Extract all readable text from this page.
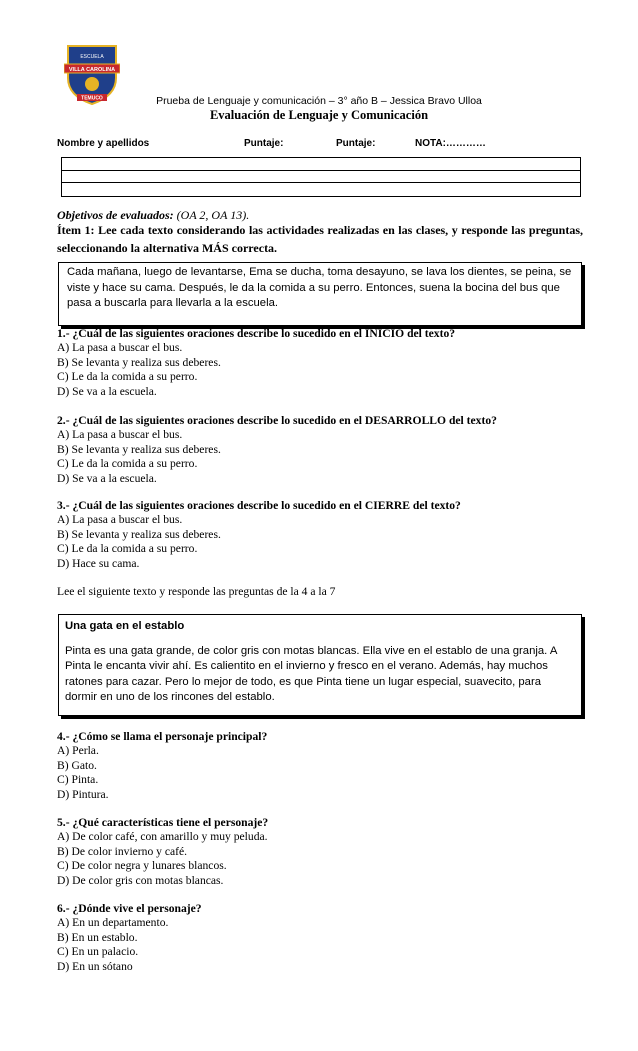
ESCUELA
VILLA CAROLINA
TEMUCO	Prueba de Lenguaje y comunicación – 3° año B – Jessica Bravo Ulloa
Evaluación de Lenguaje y Comunicación
Nombre y apellidos	Puntaje:	Puntaje:	NOTA:…………
Objetivos de evaluados: (OA 2, OA 13).
Ítem 1: Lee cada texto considerando las actividades realizadas en las clases, y responde las preguntas, seleccionando la alternativa MÁS correcta.
Cada mañana, luego de levantarse, Ema se ducha, toma desayuno, se lava los dientes, se peina, se viste y hace su cama. Después, le da la comida a su perro. Entonces, suena la bocina del bus que pasa a buscarla para llevarla a la escuela.
1.- ¿Cuál de las siguientes oraciones describe lo sucedido en el INICIO del texto?
A) La pasa a buscar el bus.
B) Se levanta y realiza sus deberes.
C) Le da la comida a su perro.
D) Se va a la escuela.
2.- ¿Cuál de las siguientes oraciones describe lo sucedido en el DESARROLLO del texto?
A) La pasa a buscar el bus.
B) Se levanta y realiza sus deberes.
C) Le da la comida a su perro.
D) Se va a la escuela.
3.- ¿Cuál de las siguientes oraciones describe lo sucedido en el CIERRE del texto?
A) La pasa a buscar el bus.
B) Se levanta y realiza sus deberes.
C) Le da la comida a su perro.
D) Hace su cama.
Lee el siguiente texto y responde las preguntas de la 4 a la 7
Una gata en el establo
Pinta es una gata grande, de color gris con motas blancas. Ella vive en el establo de una granja. A Pinta le encanta vivir ahí. Es calientito en el invierno y fresco en el verano. Además, hay muchos ratones para cazar. Pero lo mejor de todo, es que Pinta tiene un lugar especial, suavecito, para dormir en uno de los rincones del establo.
4.- ¿Cómo se llama el personaje principal?
A) Perla.
B) Gato.
C) Pinta.
D) Pintura.
5.- ¿Qué características tiene el personaje?
A) De color café, con amarillo y muy peluda.
B) De color invierno y café.
C) De color negra y lunares blancos.
D) De color gris con motas blancas.
6.- ¿Dónde vive el personaje?
A) En un departamento.
B) En un establo.
C) En un palacio.
D) En un sótano
